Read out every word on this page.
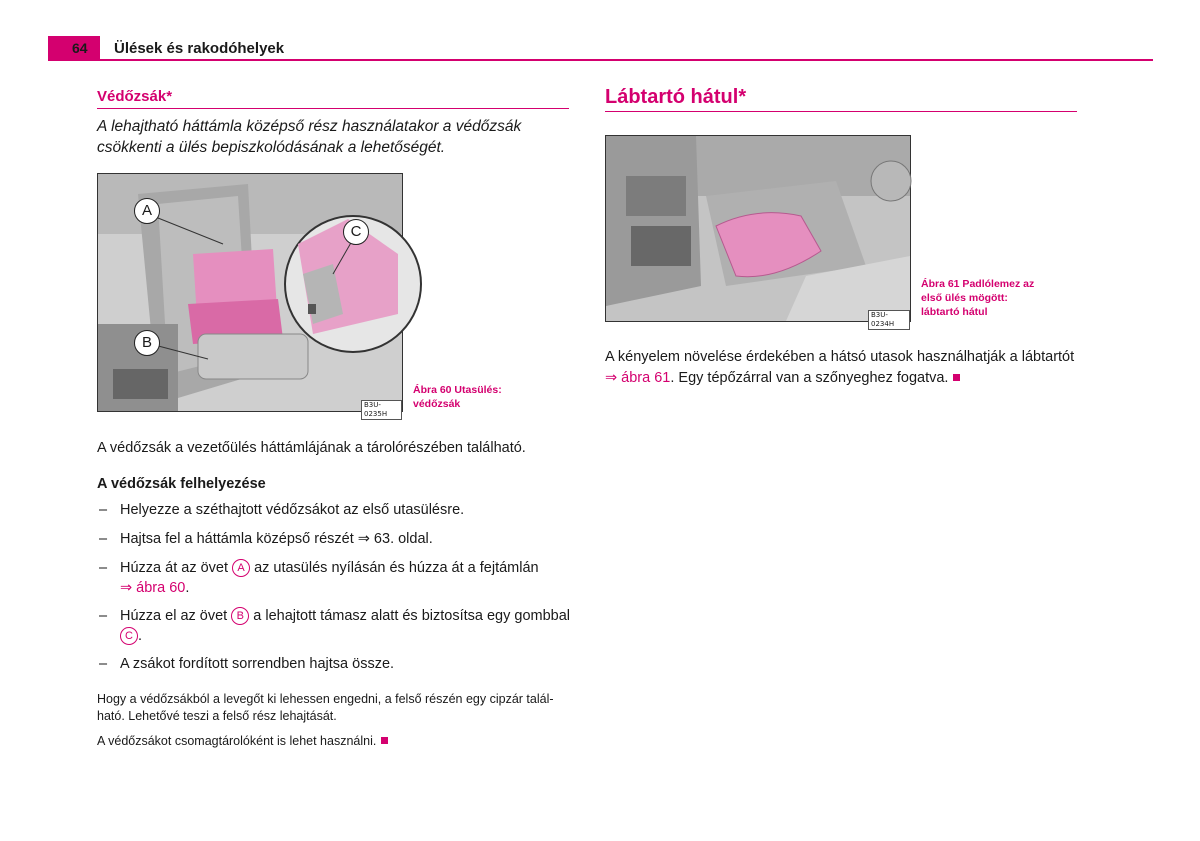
64 Ülések és rakodóhelyek
Védőzsák*
A lehajtható háttámla középső rész használatakor a védőzsák
csökkenti a ülés bepiszkolódásának a lehetőségét.
A
B
C
B3U-0235H
Ábra 60 Utasülés:
védőzsák
A védőzsák a vezetőülés háttámlájának a tárolórészében található.
A védőzsák felhelyezése
– Helyezze a széthajtott védőzsákot az első utasülésre.
– Hajtsa fel a háttámla középső részét ⇒ 63. oldal.
– Húzza át az övet A az utasülés nyílásán és húzza át a fejtámlán
⇒ ábra 60.
– Húzza el az övet B a lehajtott támasz alatt és biztosítsa egy gombbal
C .
– A zsákot fordított sorrendben hajtsa össze.
Hogy a védőzsákból a levegőt ki lehessen engedni, a felső részén egy cipzár talál-
ható. Lehetővé teszi a felső rész lehajtását.
A védőzsákot csomagtárolóként is lehet használni.
Lábtartó hátul*
B3U-0234H
Ábra 61 Padlólemez az
első ülés mögött:
lábtartó hátul
A kényelem növelése érdekében a hátsó utasok használhatják a lábtartót
⇒ ábra 61. Egy tépőzárral van a szőnyeghez fogatva.
